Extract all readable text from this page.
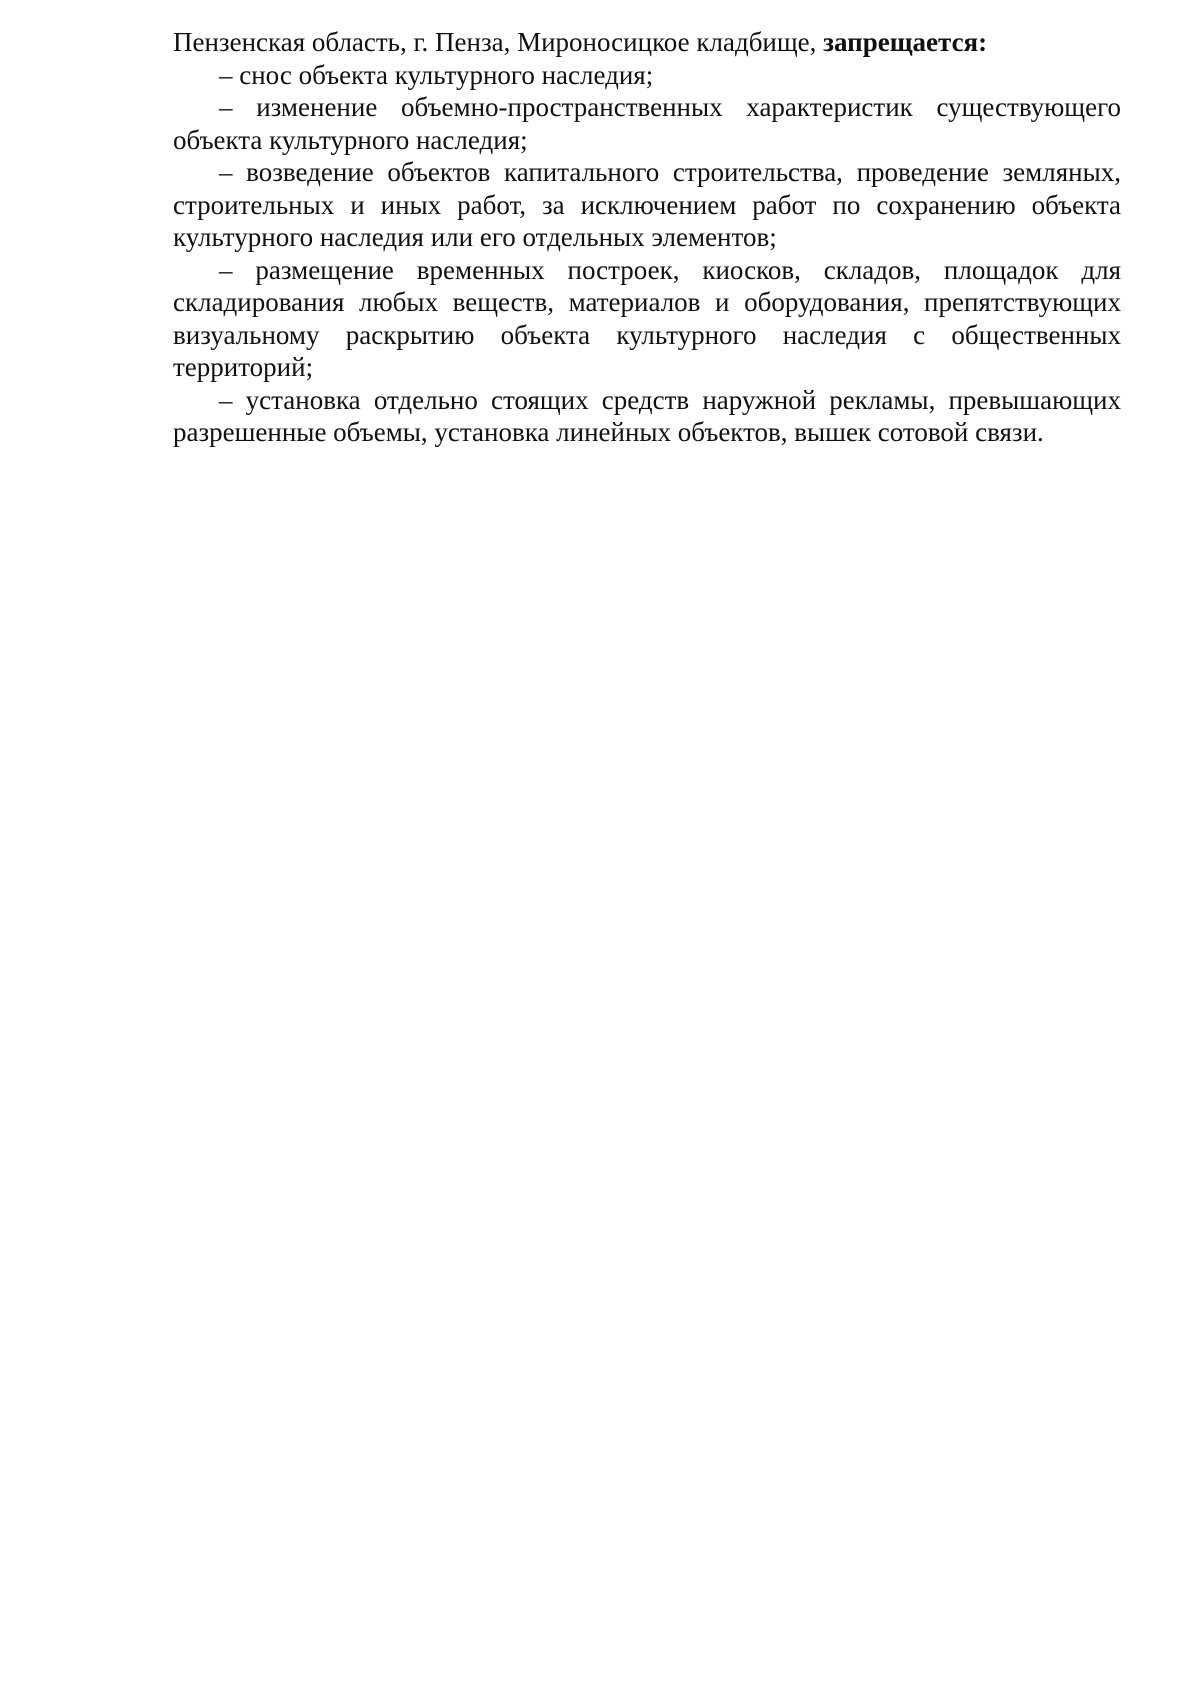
Пензенская область, г. Пенза, Мироносицкое кладбище, запрещается:

– снос объекта культурного наследия;

– изменение объемно-пространственных характеристик существующего объекта культурного наследия;

– возведение объектов капитального строительства, проведение земляных, строительных и иных работ, за исключением работ по сохранению объекта культурного наследия или его отдельных элементов;

– размещение временных построек, киосков, складов, площадок для складирования любых веществ, материалов и оборудования, препятствующих визуальному раскрытию объекта культурного наследия с общественных территорий;

– установка отдельно стоящих средств наружной рекламы, превышающих разрешенные объемы, установка линейных объектов, вышек сотовой связи.
